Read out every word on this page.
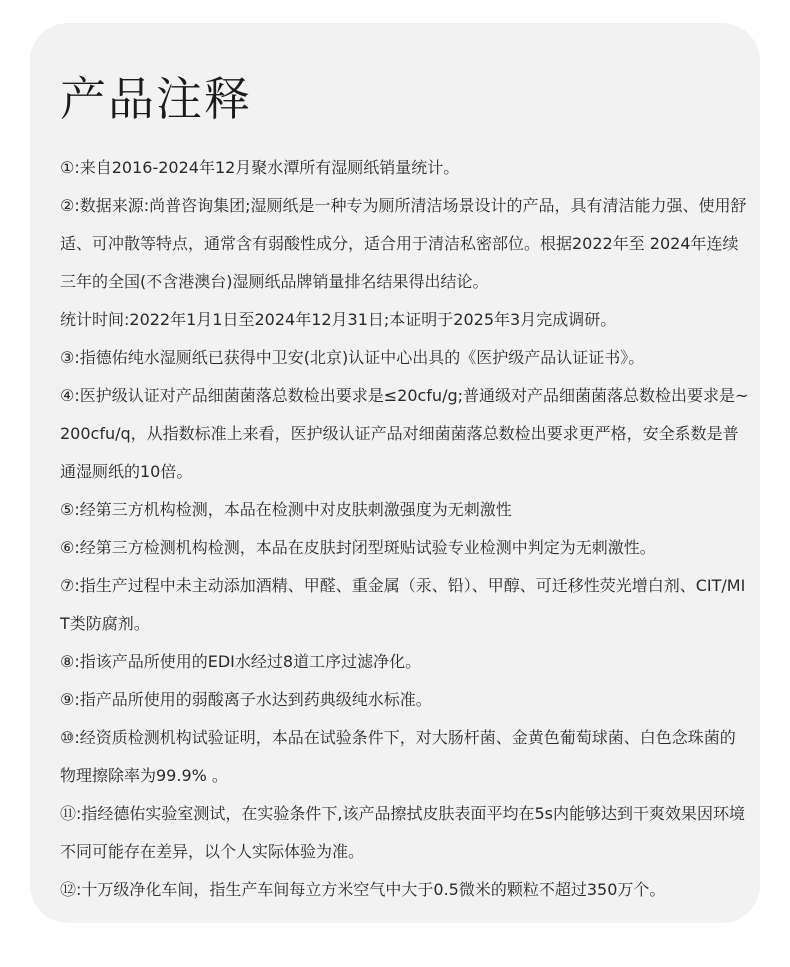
产品注释
①:来自2016-2024年12月聚水潭所有湿厕纸销量统计。
②:数据来源:尚普咨询集团;湿厕纸是一种专为厕所清洁场景设计的产品，具有清洁能力强、使用舒适、可冲散等特点，通常含有弱酸性成分，适合用于清洁私密部位。根据2022年至 2024年连续三年的全国(不含港澳台)湿厕纸品牌销量排名结果得出结论。
统计时间:2022年1月1日至2024年12月31日;本证明于2025年3月完成调研。
③:指德佑纯水湿厕纸已获得中卫安(北京)认证中心出具的《医护级产品认证证书》。
④:医护级认证对产品细菌菌落总数检出要求是≤20cfu/g;普通级对产品细菌菌落总数检出要求是~200cfu/q，从指数标准上来看，医护级认证产品对细菌菌落总数检出要求更严格，安全系数是普通湿厕纸的10倍。
⑤:经第三方机构检测，本品在检测中对皮肤刺激强度为无刺激性
⑥:经第三方检测机构检测，本品在皮肤封闭型斑贴试验专业检测中判定为无刺激性。
⑦:指生产过程中未主动添加酒精、甲醛、重金属（汞、铅）、甲醇、可迁移性荧光增白剂、CIT/MIT类防腐剂。
⑧:指该产品所使用的EDI水经过8道工序过滤净化。
⑨:指产品所使用的弱酸离子水达到药典级纯水标准。
⑩:经资质检测机构试验证明，本品在试验条件下，对大肠杆菌、金黄色葡萄球菌、白色念珠菌的物理擦除率为99.9% 。
⑪:指经德佑实验室测试，在实验条件下,该产品擦拭皮肤表面平均在5s内能够达到干爽效果因环境不同可能存在差异，以个人实际体验为准。
⑫:十万级净化车间，指生产车间每立方米空气中大于0.5微米的颗粒不超过350万个。
